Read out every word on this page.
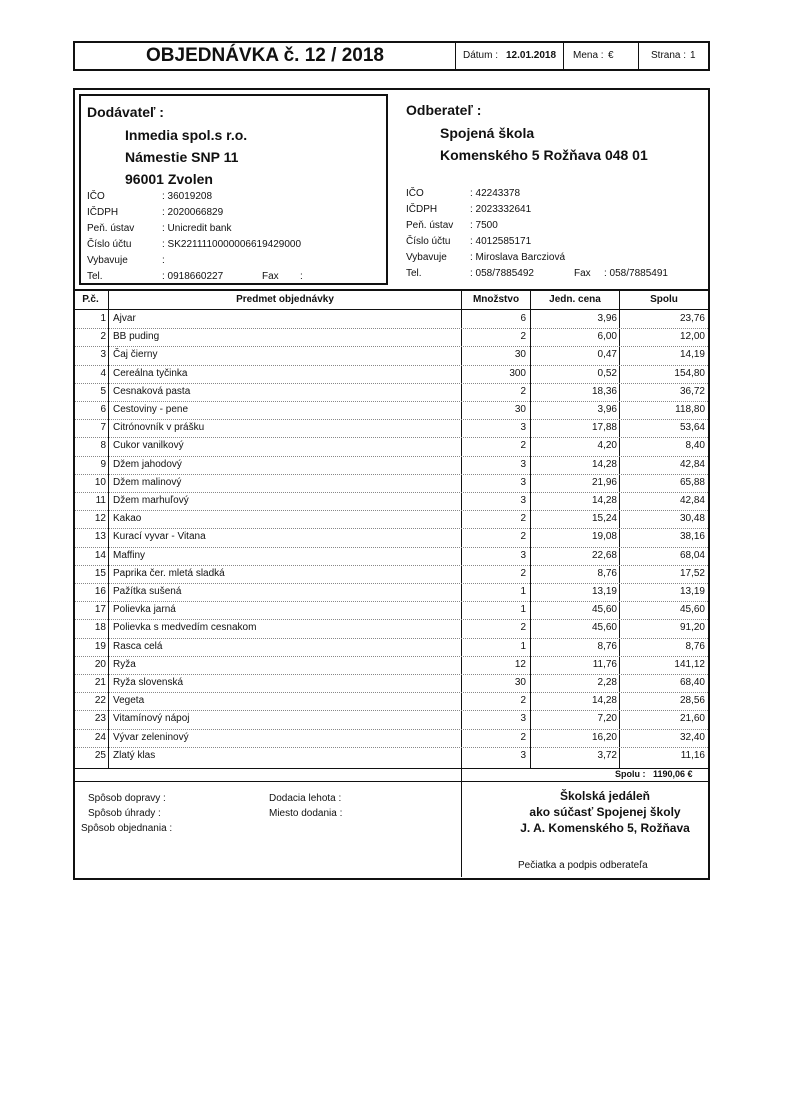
OBJEDNÁVKA č. 12 / 2018	Dátum : 12.01.2018 Mena : €	Strana : 1
Dodávateľ :
Inmedia spol.s r.o.
Námestie SNP 11
96001 Zvolen
IČO	: 36019208
IČDPH	: 2020066829
Peň. ústav	: Unicredit bank
Číslo účtu	: SK2211110000006619429000
Vybavuje	:
Tel.	: 0918660227	Fax :
Odberateľ :
Spojená škola
Komenského 5 Rožňava 048 01
IČO	: 42243378
IČDPH	: 2023332641
Peň. ústav : 7500
Číslo účtu : 4012585171
Vybavuje : Miroslava Barcziová
Tel.	: 058/7885492	Fax : 058/7885491
P.č.	Predmet objednávky	Množstvo	Jedn. cena	Spolu
1 Ajvar	6	3,96	23,76
2 BB puding	2	6,00	12,00
3 Čaj čierny	30	0,47	14,19
4 Cereálna tyčinka	300	0,52	154,80
5 Cesnaková pasta	2	18,36	36,72
6 Cestoviny - pene	30	3,96	118,80
7 Citrónovník v prášku	3	17,88	53,64
8 Cukor vanilkový	2	4,20	8,40
9 Džem jahodový	3	14,28	42,84
10 Džem malinový	3	21,96	65,88
11 Džem marhuľový	3	14,28	42,84
12 Kakao	2	15,24	30,48
13 Kurací vyvar - Vitana	2	19,08	38,16
14 Maffiny	3	22,68	68,04
15 Paprika čer. mletá sladká	2	8,76	17,52
16 Pažítka sušená	1	13,19	13,19
17 Polievka jarná	1	45,60	45,60
18 Polievka s medvedím cesnakom	2	45,60	91,20
19 Rasca celá	1	8,76	8,76
20 Ryža	12	11,76	141,12
21 Ryža slovenská	30	2,28	68,40
22 Vegeta	2	14,28	28,56
23 Vitamínový nápoj	3	7,20	21,60
24 Vývar zeleninový	2	16,20	32,40
25 Zlatý klas	3	3,72	11,16
Spolu : 1190,06 €
Spôsob dopravy :
Spôsob úhrady :
Spôsob objednania :
Dodacia lehota :
Miesto dodania :
Školská jedáleň
ako súčasť Spojenej školy
J. A. Komenského 5, Rožňava
Pečiatka a podpis odberateľa
